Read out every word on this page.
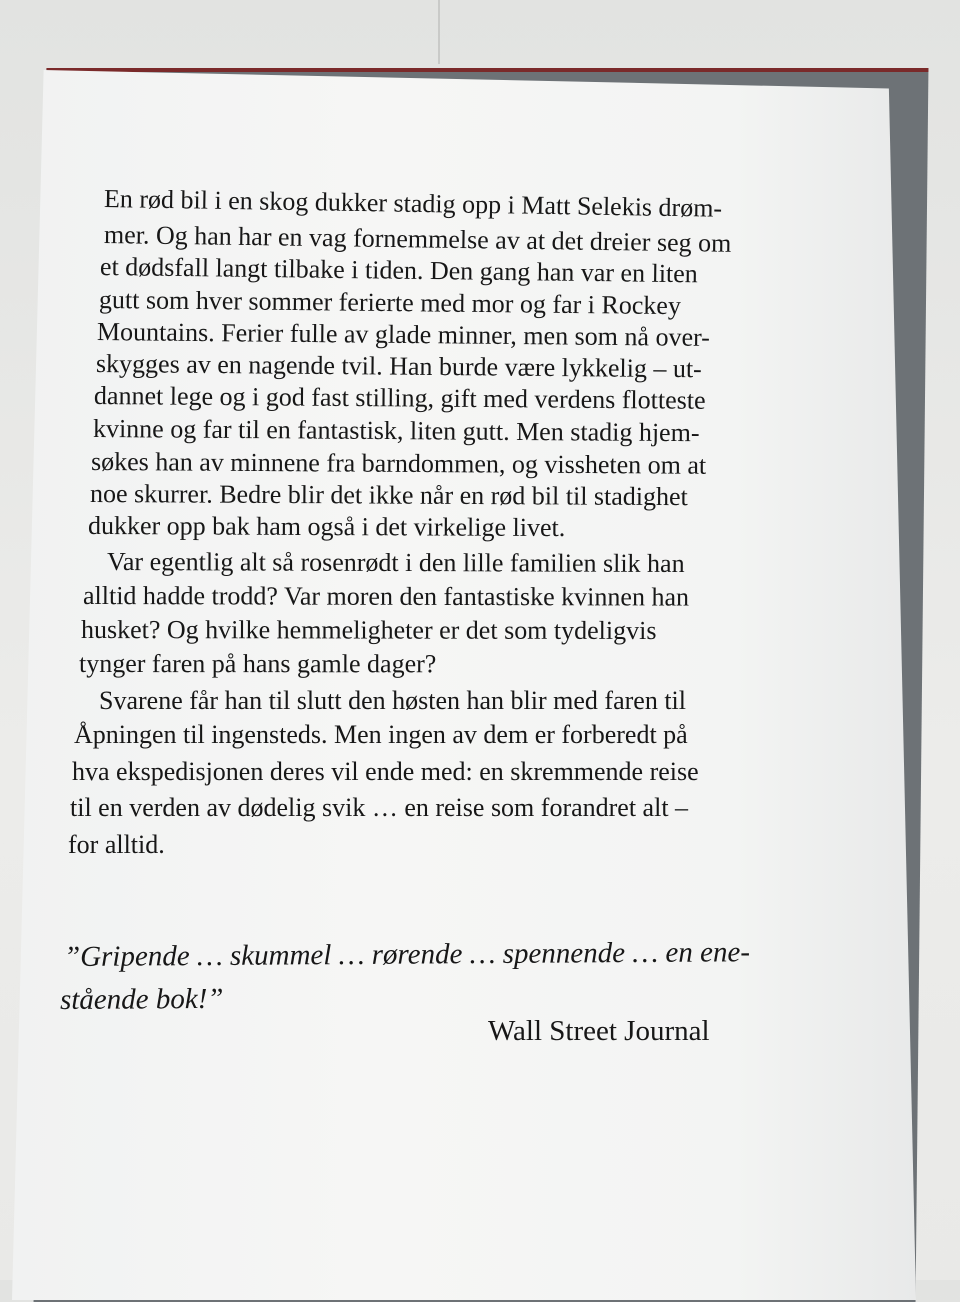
En rød bil i en skog dukker stadig opp i Matt Selekis drøm-
mer. Og han har en vag fornemmelse av at det dreier seg om
et dødsfall langt tilbake i tiden. Den gang han var en liten
gutt som hver sommer ferierte med mor og far i Rockey
Mountains. Ferier fulle av glade minner, men som nå over-
skygges av en nagende tvil. Han burde være lykkelig – ut-
dannet lege og i god fast stilling, gift med verdens flotteste
kvinne og far til en fantastisk, liten gutt. Men stadig hjem-
søkes han av minnene fra barndommen, og vissheten om at
noe skurrer. Bedre blir det ikke når en rød bil til stadighet
dukker opp bak ham også i det virkelige livet.
Var egentlig alt så rosenrødt i den lille familien slik han
alltid hadde trodd? Var moren den fantastiske kvinnen han
husket? Og hvilke hemmeligheter er det som tydeligvis
tynger faren på hans gamle dager?
Svarene får han til slutt den høsten han blir med faren til
Åpningen til ingensteds. Men ingen av dem er forberedt på
hva ekspedisjonen deres vil ende med: en skremmende reise
til en verden av dødelig svik … en reise som forandret alt –
for alltid.
”Gripende … skummel … rørende … spennende … en ene-
stående bok!”
Wall Street Journal
